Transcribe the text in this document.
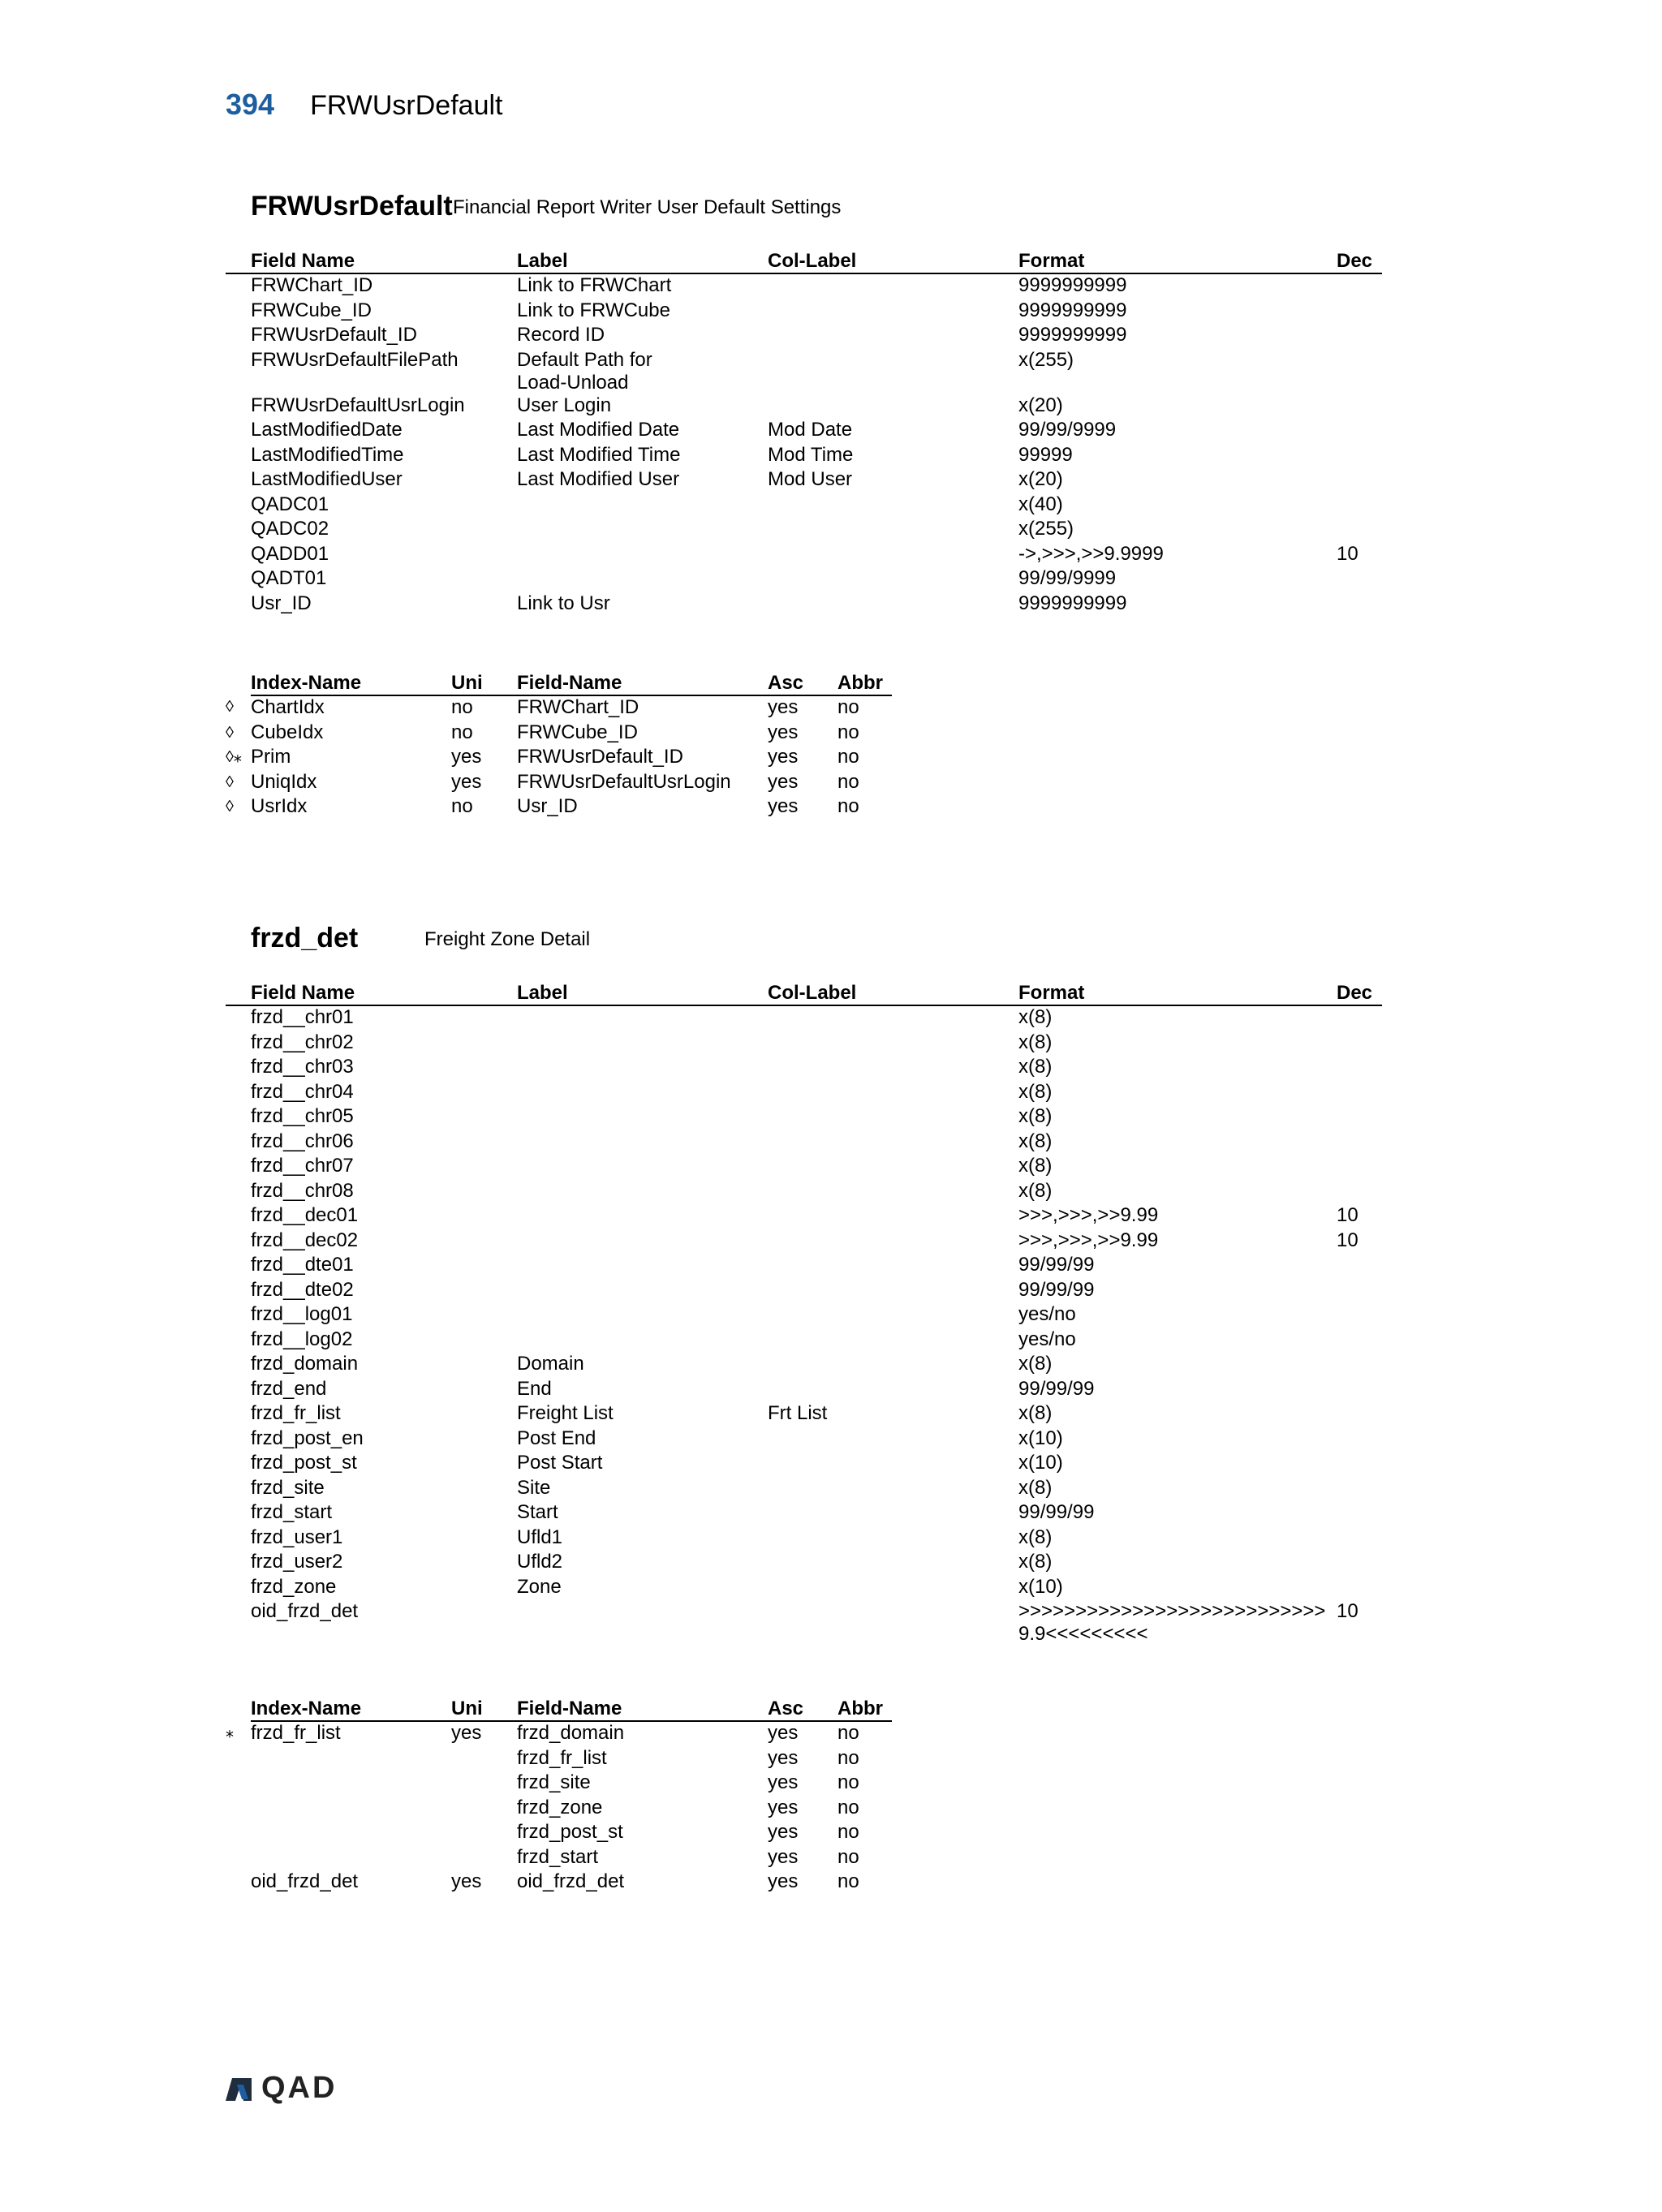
394 FRWUsrDefault
FRWUsrDefault Financial Report Writer User Default Settings
	Field Name	Label	Col-Label	Format	Dec
	FRWChart_ID	Link to FRWChart		9999999999	
	FRWCube_ID	Link to FRWCube		9999999999	
	FRWUsrDefault_ID	Record ID		9999999999	
	FRWUsrDefaultFilePath	Default Path for Load-Unload		x(255)	
	FRWUsrDefaultUsrLogin	User Login		x(20)	
	LastModifiedDate	Last Modified Date	Mod Date	99/99/9999	
	LastModifiedTime	Last Modified Time	Mod Time	99999	
	LastModifiedUser	Last Modified User	Mod User	x(20)	
	QADC01			x(40)	
	QADC02			x(255)	
	QADD01			->,>>>,>>9.9999	10
	QADT01			99/99/9999	
	Usr_ID	Link to Usr		9999999999	
	Index-Name	Uni	Field-Name	Asc	Abbr
◊	ChartIdx	no	FRWChart_ID	yes	no
◊	CubeIdx	no	FRWCube_ID	yes	no
◊⁎	Prim	yes	FRWUsrDefault_ID	yes	no
◊	UniqIdx	yes	FRWUsrDefaultUsrLogin	yes	no
◊	UsrIdx	no	Usr_ID	yes	no
frzd_det	Freight Zone Detail
	Field Name	Label	Col-Label	Format	Dec
	frzd__chr01			x(8)	
	frzd__chr02			x(8)	
	frzd__chr03			x(8)	
	frzd__chr04			x(8)	
	frzd__chr05			x(8)	
	frzd__chr06			x(8)	
	frzd__chr07			x(8)	
	frzd__chr08			x(8)	
	frzd__dec01			>>>,>>>,>>9.99	10
	frzd__dec02			>>>,>>>,>>9.99	10
	frzd__dte01			99/99/99	
	frzd__dte02			99/99/99	
	frzd__log01			yes/no	
	frzd__log02			yes/no	
	frzd_domain	Domain		x(8)	
	frzd_end	End		99/99/99	
	frzd_fr_list	Freight List	Frt List	x(8)	
	frzd_post_en	Post End		x(10)	
	frzd_post_st	Post Start		x(10)	
	frzd_site	Site		x(8)	
	frzd_start	Start		99/99/99	
	frzd_user1	Ufld1		x(8)	
	frzd_user2	Ufld2		x(8)	
	frzd_zone	Zone		x(10)	
	oid_frzd_det			>>>>>>>>>>>>>>>>>>>>>>>>>>>9.9<<<<<<<<<	10
	Index-Name	Uni	Field-Name	Asc	Abbr
⁎	frzd_fr_list	yes	frzd_domain	yes	no
			frzd_fr_list	yes	no
			frzd_site	yes	no
			frzd_zone	yes	no
			frzd_post_st	yes	no
			frzd_start	yes	no
	oid_frzd_det	yes	oid_frzd_det	yes	no
QAD
